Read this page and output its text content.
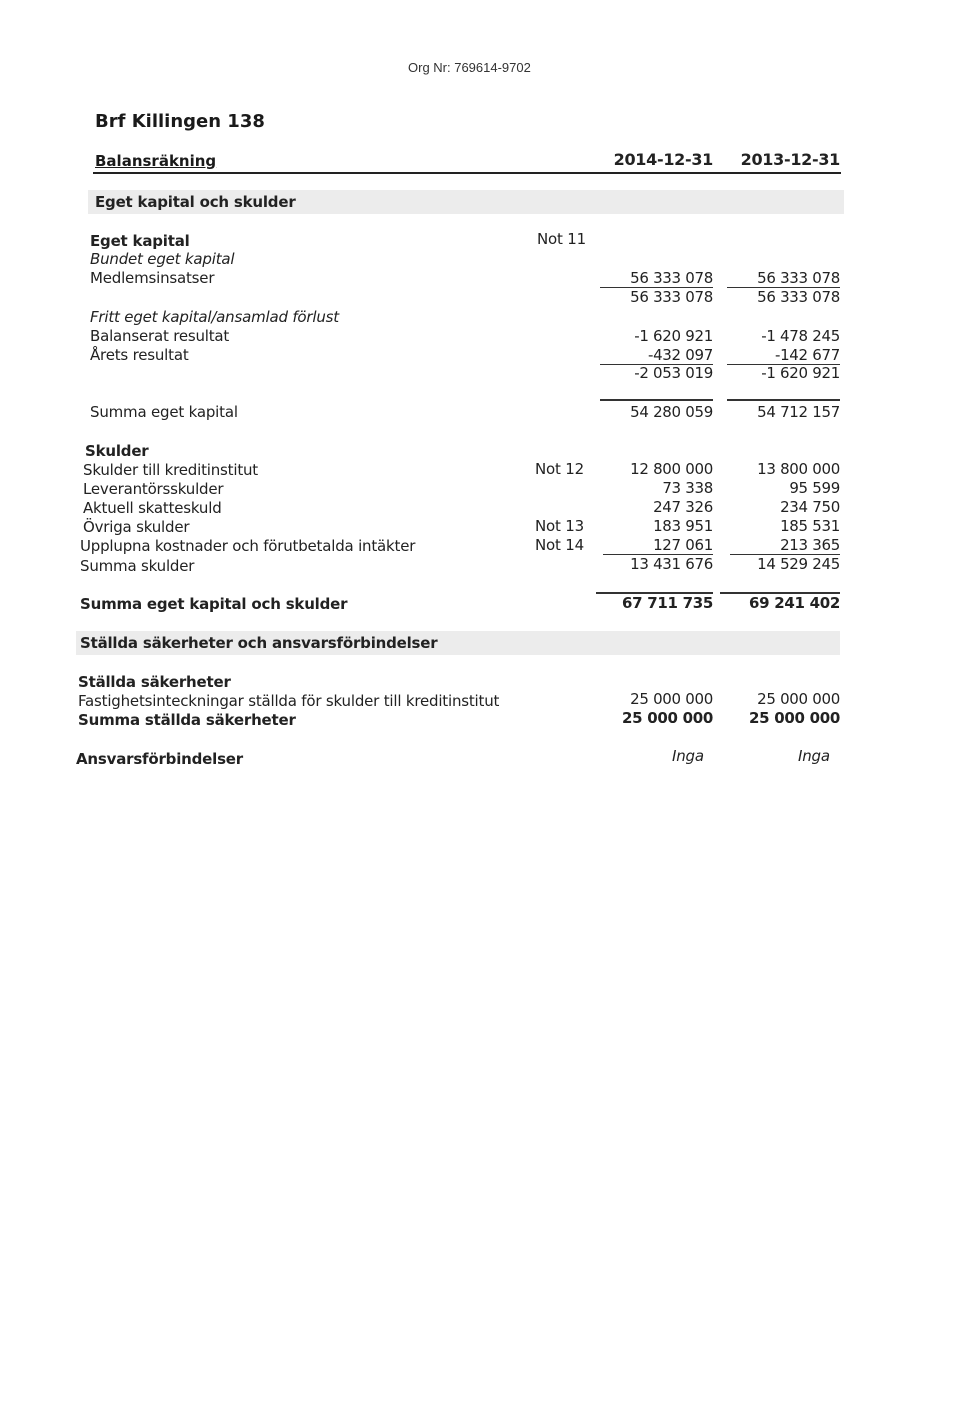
Org Nr: 769614-9702
Brf Killingen 138
Balansräkning	2014-12-31	2013-12-31
Eget kapital och skulder
Eget kapital	Not 11
Bundet eget kapital
Medlemsinsatser	56 333 078	56 333 078
56 333 078	56 333 078
Fritt eget kapital/ansamlad förlust
Balanserat resultat	-1 620 921	-1 478 245
Årets resultat	-432 097	-142 677
-2 053 019	-1 620 921
Summa eget kapital	54 280 059	54 712 157
Skulder
Skulder till kreditinstitut	Not 12	12 800 000	13 800 000
Leverantörsskulder	73 338	95 599
Aktuell skatteskuld	247 326	234 750
Övriga skulder	Not 13	183 951	185 531
Upplupna kostnader och förutbetalda intäkter	Not 14	127 061	213 365
Summa skulder	13 431 676	14 529 245
Summa eget kapital och skulder	67 711 735	69 241 402
Ställda säkerheter och ansvarsförbindelser
Ställda säkerheter
Fastighetsinteckningar ställda för skulder till kreditinstitut	25 000 000	25 000 000
Summa ställda säkerheter	25 000 000	25 000 000
Ansvarsförbindelser	Inga	Inga
